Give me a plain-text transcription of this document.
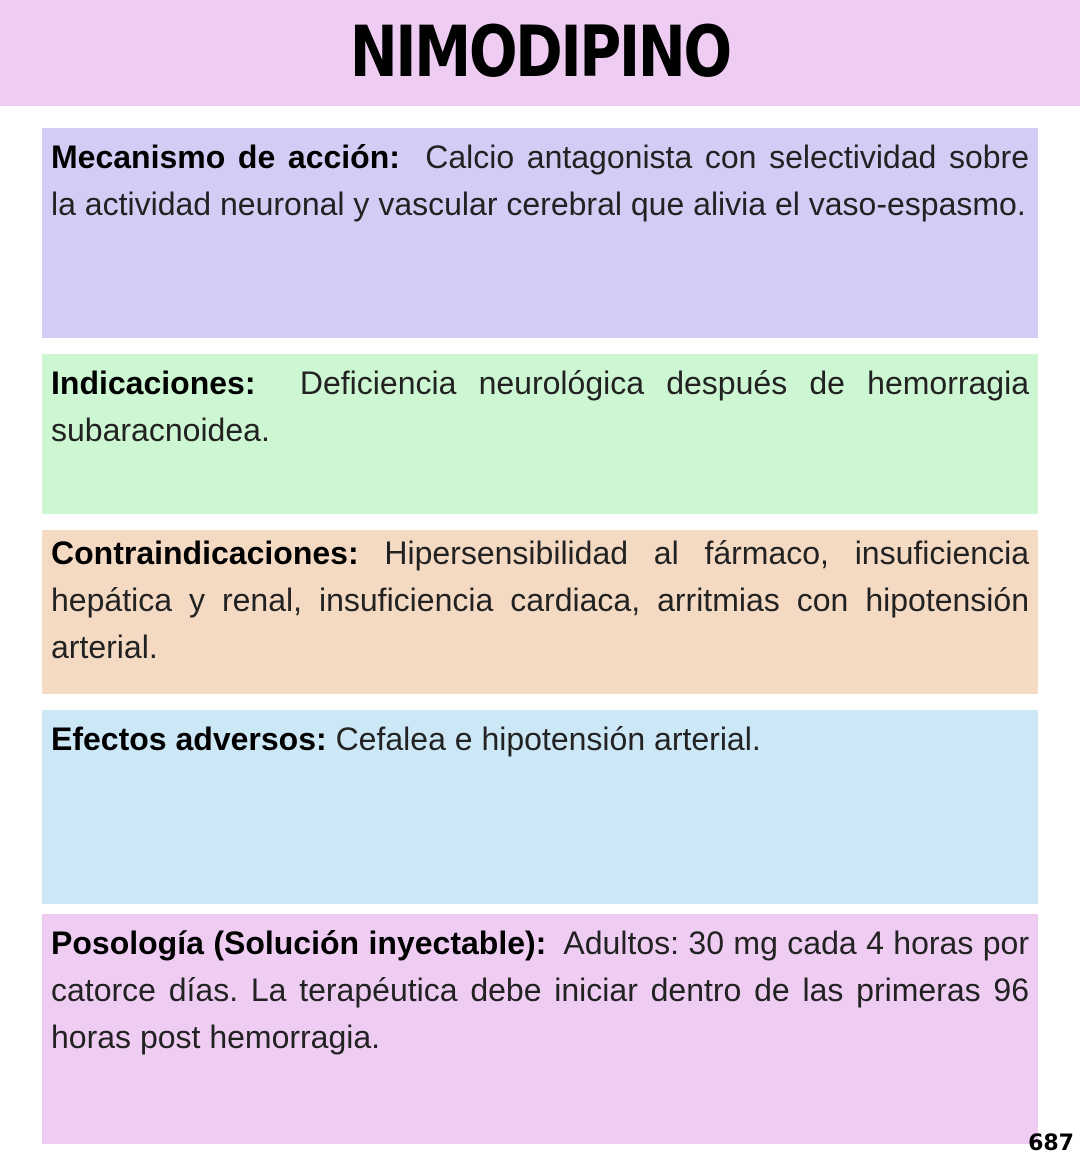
NIMODIPINO
Mecanismo de acción: Calcio antagonista con selectividad sobre la actividad neuronal y vascular cerebral que alivia el vaso-espasmo.
Indicaciones: Deficiencia neurológica después de hemorragia subaracnoidea.
Contraindicaciones: Hipersensibilidad al fármaco, insuficiencia hepática y renal, insuficiencia cardiaca, arritmias con hipotensión arterial.
Efectos adversos: Cefalea e hipotensión arterial.
Posología (Solución inyectable): Adultos: 30 mg cada 4 horas por catorce días. La terapéutica debe iniciar dentro de las primeras 96 horas post hemorragia.
687
